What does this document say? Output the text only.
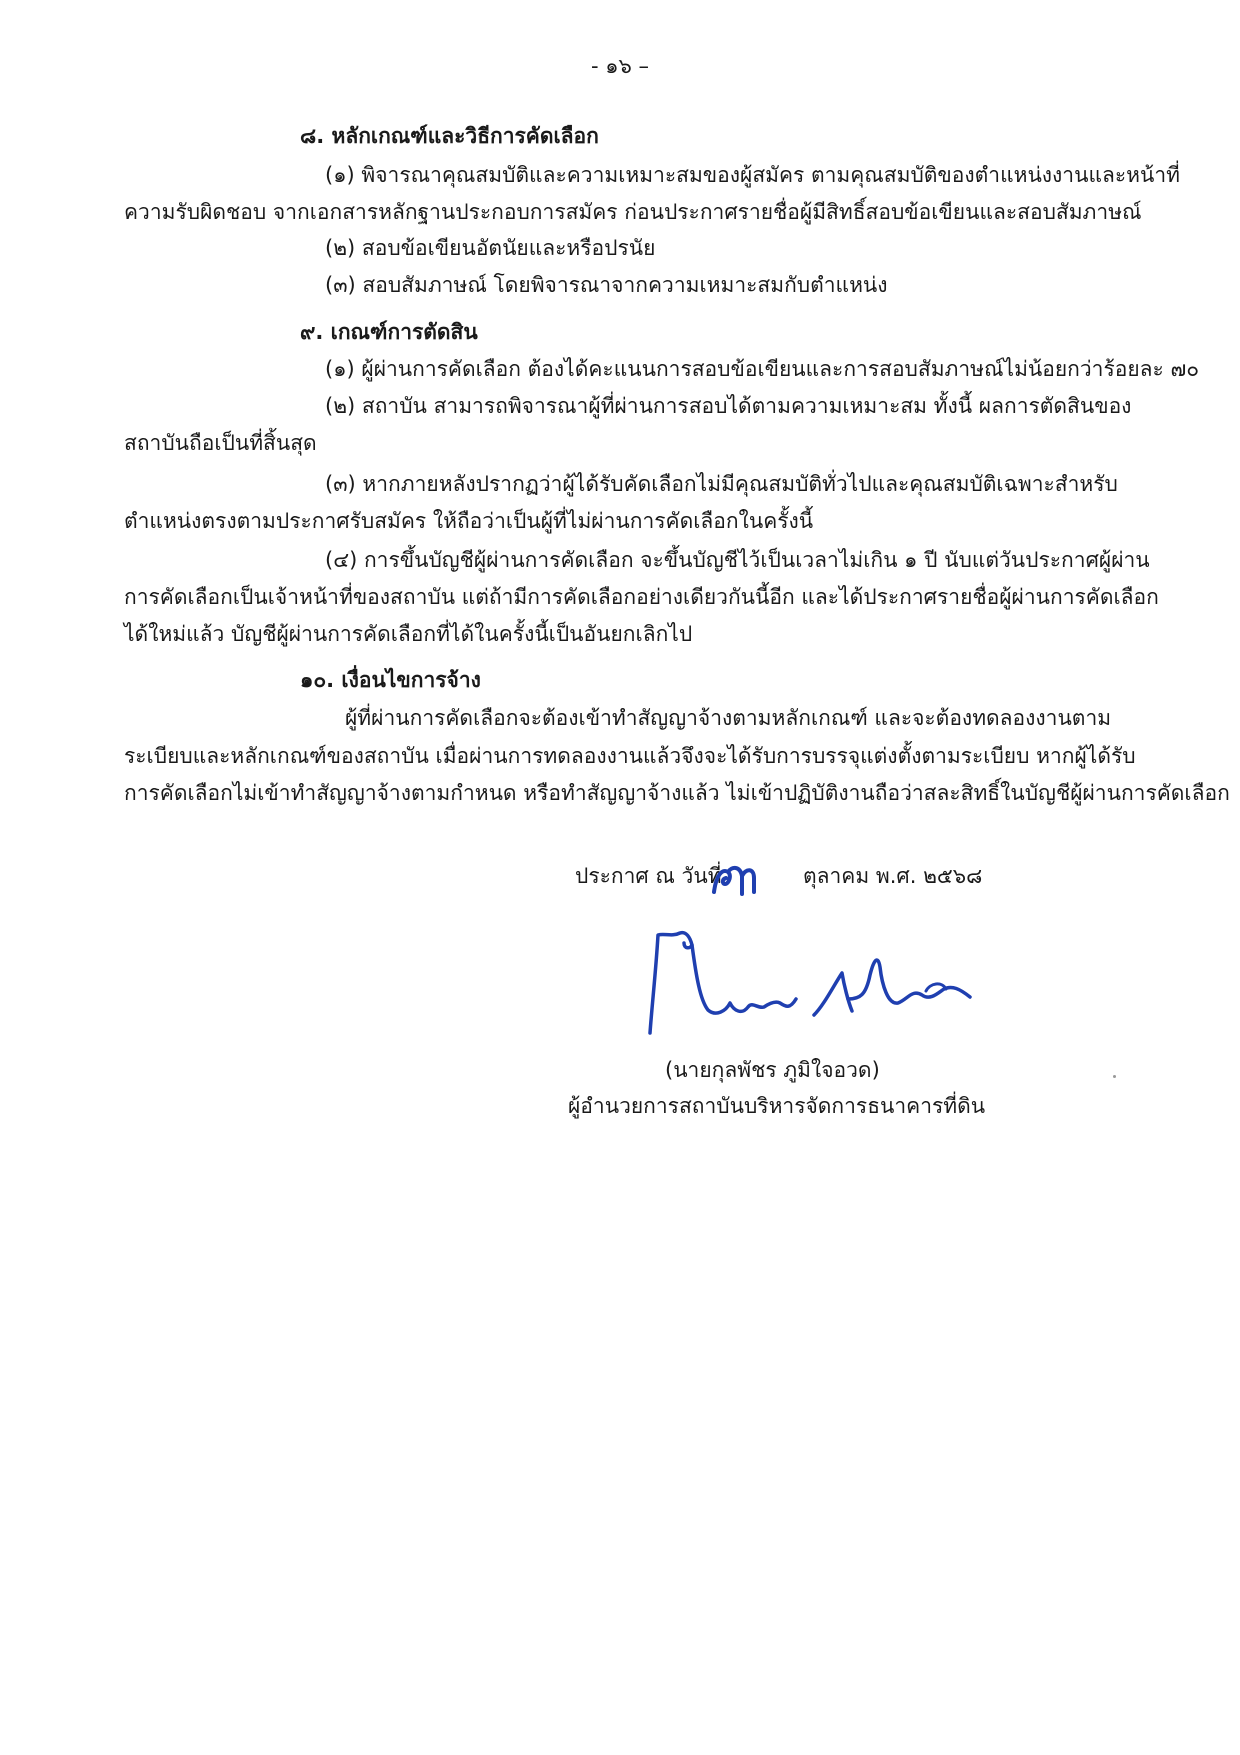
- ๑๖ –
๘. หลักเกณฑ์และวิธีการคัดเลือก
(๑) พิจารณาคุณสมบัติและความเหมาะสมของผู้สมัคร ตามคุณสมบัติของตำแหน่งงานและหน้าที่
ความรับผิดชอบ จากเอกสารหลักฐานประกอบการสมัคร ก่อนประกาศรายชื่อผู้มีสิทธิ์สอบข้อเขียนและสอบสัมภาษณ์
(๒) สอบข้อเขียนอัตนัยและหรือปรนัย
(๓) สอบสัมภาษณ์ โดยพิจารณาจากความเหมาะสมกับตำแหน่ง
๙. เกณฑ์การตัดสิน
(๑) ผู้ผ่านการคัดเลือก ต้องได้คะแนนการสอบข้อเขียนและการสอบสัมภาษณ์ไม่น้อยกว่าร้อยละ ๗๐
(๒) สถาบัน สามารถพิจารณาผู้ที่ผ่านการสอบได้ตามความเหมาะสม ทั้งนี้ ผลการตัดสินของ
สถาบันถือเป็นที่สิ้นสุด
(๓) หากภายหลังปรากฏว่าผู้ได้รับคัดเลือกไม่มีคุณสมบัติทั่วไปและคุณสมบัติเฉพาะสำหรับ
ตำแหน่งตรงตามประกาศรับสมัคร ให้ถือว่าเป็นผู้ที่ไม่ผ่านการคัดเลือกในครั้งนี้
(๔) การขึ้นบัญชีผู้ผ่านการคัดเลือก จะขึ้นบัญชีไว้เป็นเวลาไม่เกิน ๑ ปี นับแต่วันประกาศผู้ผ่าน
การคัดเลือกเป็นเจ้าหน้าที่ของสถาบัน แต่ถ้ามีการคัดเลือกอย่างเดียวกันนี้อีก และได้ประกาศรายชื่อผู้ผ่านการคัดเลือก
ได้ใหม่แล้ว บัญชีผู้ผ่านการคัดเลือกที่ได้ในครั้งนี้เป็นอันยกเลิกไป
๑๐. เงื่อนไขการจ้าง
ผู้ที่ผ่านการคัดเลือกจะต้องเข้าทำสัญญาจ้างตามหลักเกณฑ์ และจะต้องทดลองงานตาม
ระเบียบและหลักเกณฑ์ของสถาบัน เมื่อผ่านการทดลองงานแล้วจึงจะได้รับการบรรจุแต่งตั้งตามระเบียบ หากผู้ได้รับ
การคัดเลือกไม่เข้าทำสัญญาจ้างตามกำหนด หรือทำสัญญาจ้างแล้ว ไม่เข้าปฏิบัติงานถือว่าสละสิทธิ์ในบัญชีผู้ผ่านการคัดเลือก
ประกาศ ณ วันที่	ตุลาคม พ.ศ. ๒๕๖๘
(นายกุลพัชร ภูมิใจอวด)
ผู้อำนวยการสถาบันบริหารจัดการธนาคารที่ดิน
